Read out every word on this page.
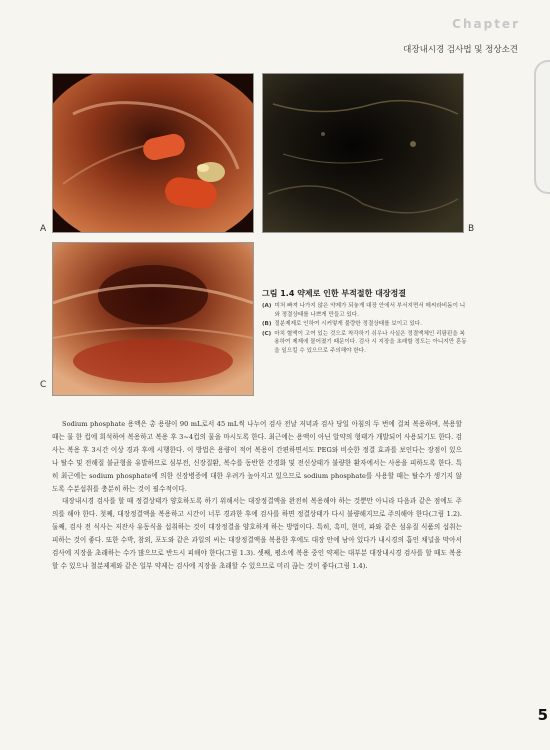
Chapter
대장내시경 검사법 및 정상소견
A	B
C
그림 1.4 약제로 인한 부적절한 대장정결
(A) 미처 빠져 나가지 않은 약제가 되놓게 대장 안에서 부서지면서 메씨라비돔이 니와 정결상태를 나쁘게 만들고 있다.
(B) 절분제제로 인하여 시커멓게 불량한 정결상태를 보이고 있다.
(C) 마치 혈액이 고여 있는 것으로 착각하기 쉬우나 사실은 정결액체인 리팜핀을 복용하여 제제에 물어졌기 때문이다. 검사 시 지장을 초래할 정도는 아니지만 혼동을 일으킬 수 있으므로 주의해야 한다.

Sodium phosphate 용액은 총 용량이 90 mL로서 45 mL씩 나누어 검사 전날 저녁과 검사 당일 아침의 두 번에 걸쳐 복용하며, 복용할 때는 물 한 컵에 희석하여 복용하고 복용 후 3~4컵의 물을 마시도록 한다. 최근에는 용액이 아닌 알약의 형태가 개발되어 사용되기도 한다. 검사는 복용 후 3시간 이상 경과 후에 시행한다. 이 방법은 용량이 적어 복용이 간편하면서도 PEG와 비슷한 정결 효과를 보인다는 장점이 있으나 탈수 및 전해질 불균형을 유발하므로 심부전, 신장질환, 복수를 동반한 간경화 및 전신상태가 불량한 환자에서는 사용을 피하도록 한다. 특히 최근에는 sodium phosphate에 의한 신장병증에 대한 우려가 높아지고 있으므로 sodium phosphate를 사용할 때는 탈수가 생기지 않도록 수분섭취를 충분히 하는 것이 필수적이다.

대장내시경 검사를 할 때 정결상태가 양호하도록 하기 위해서는 대장정결액을 완전히 복용해야 하는 것뿐만 아니라 다음과 같은 점에도 주의를 해야 한다. 첫째, 대장정결액을 복용하고 시간이 너무 경과한 후에 검사를 하면 정결상태가 다시 불량해지므로 주의해야 한다(그림 1.2). 둘째, 검사 전 식사는 저잔사 유동식을 섭취하는 것이 대장정결을 양호하게 하는 방법이다. 특히, 흑미, 현미, 파와 같은 섬유질 식품의 섭취는 피하는 것이 좋다. 또한 수박, 참외, 포도와 같은 과일의 씨는 대장정결액을 복용한 후에도 대장 안에 남아 있다가 내시경의 흡인 채널을 막아서 검사에 지장을 초래하는 수가 많으므로 반드시 피해야 한다(그림 1.3). 셋째, 평소에 복용 중인 약제는 대부분 대장내시경 검사를 할 때도 복용할 수 있으나 철분제제와 같은 일부 약제는 검사에 지장을 초래할 수 있으므로 미리 끊는 것이 좋다(그림 1.4).

5
